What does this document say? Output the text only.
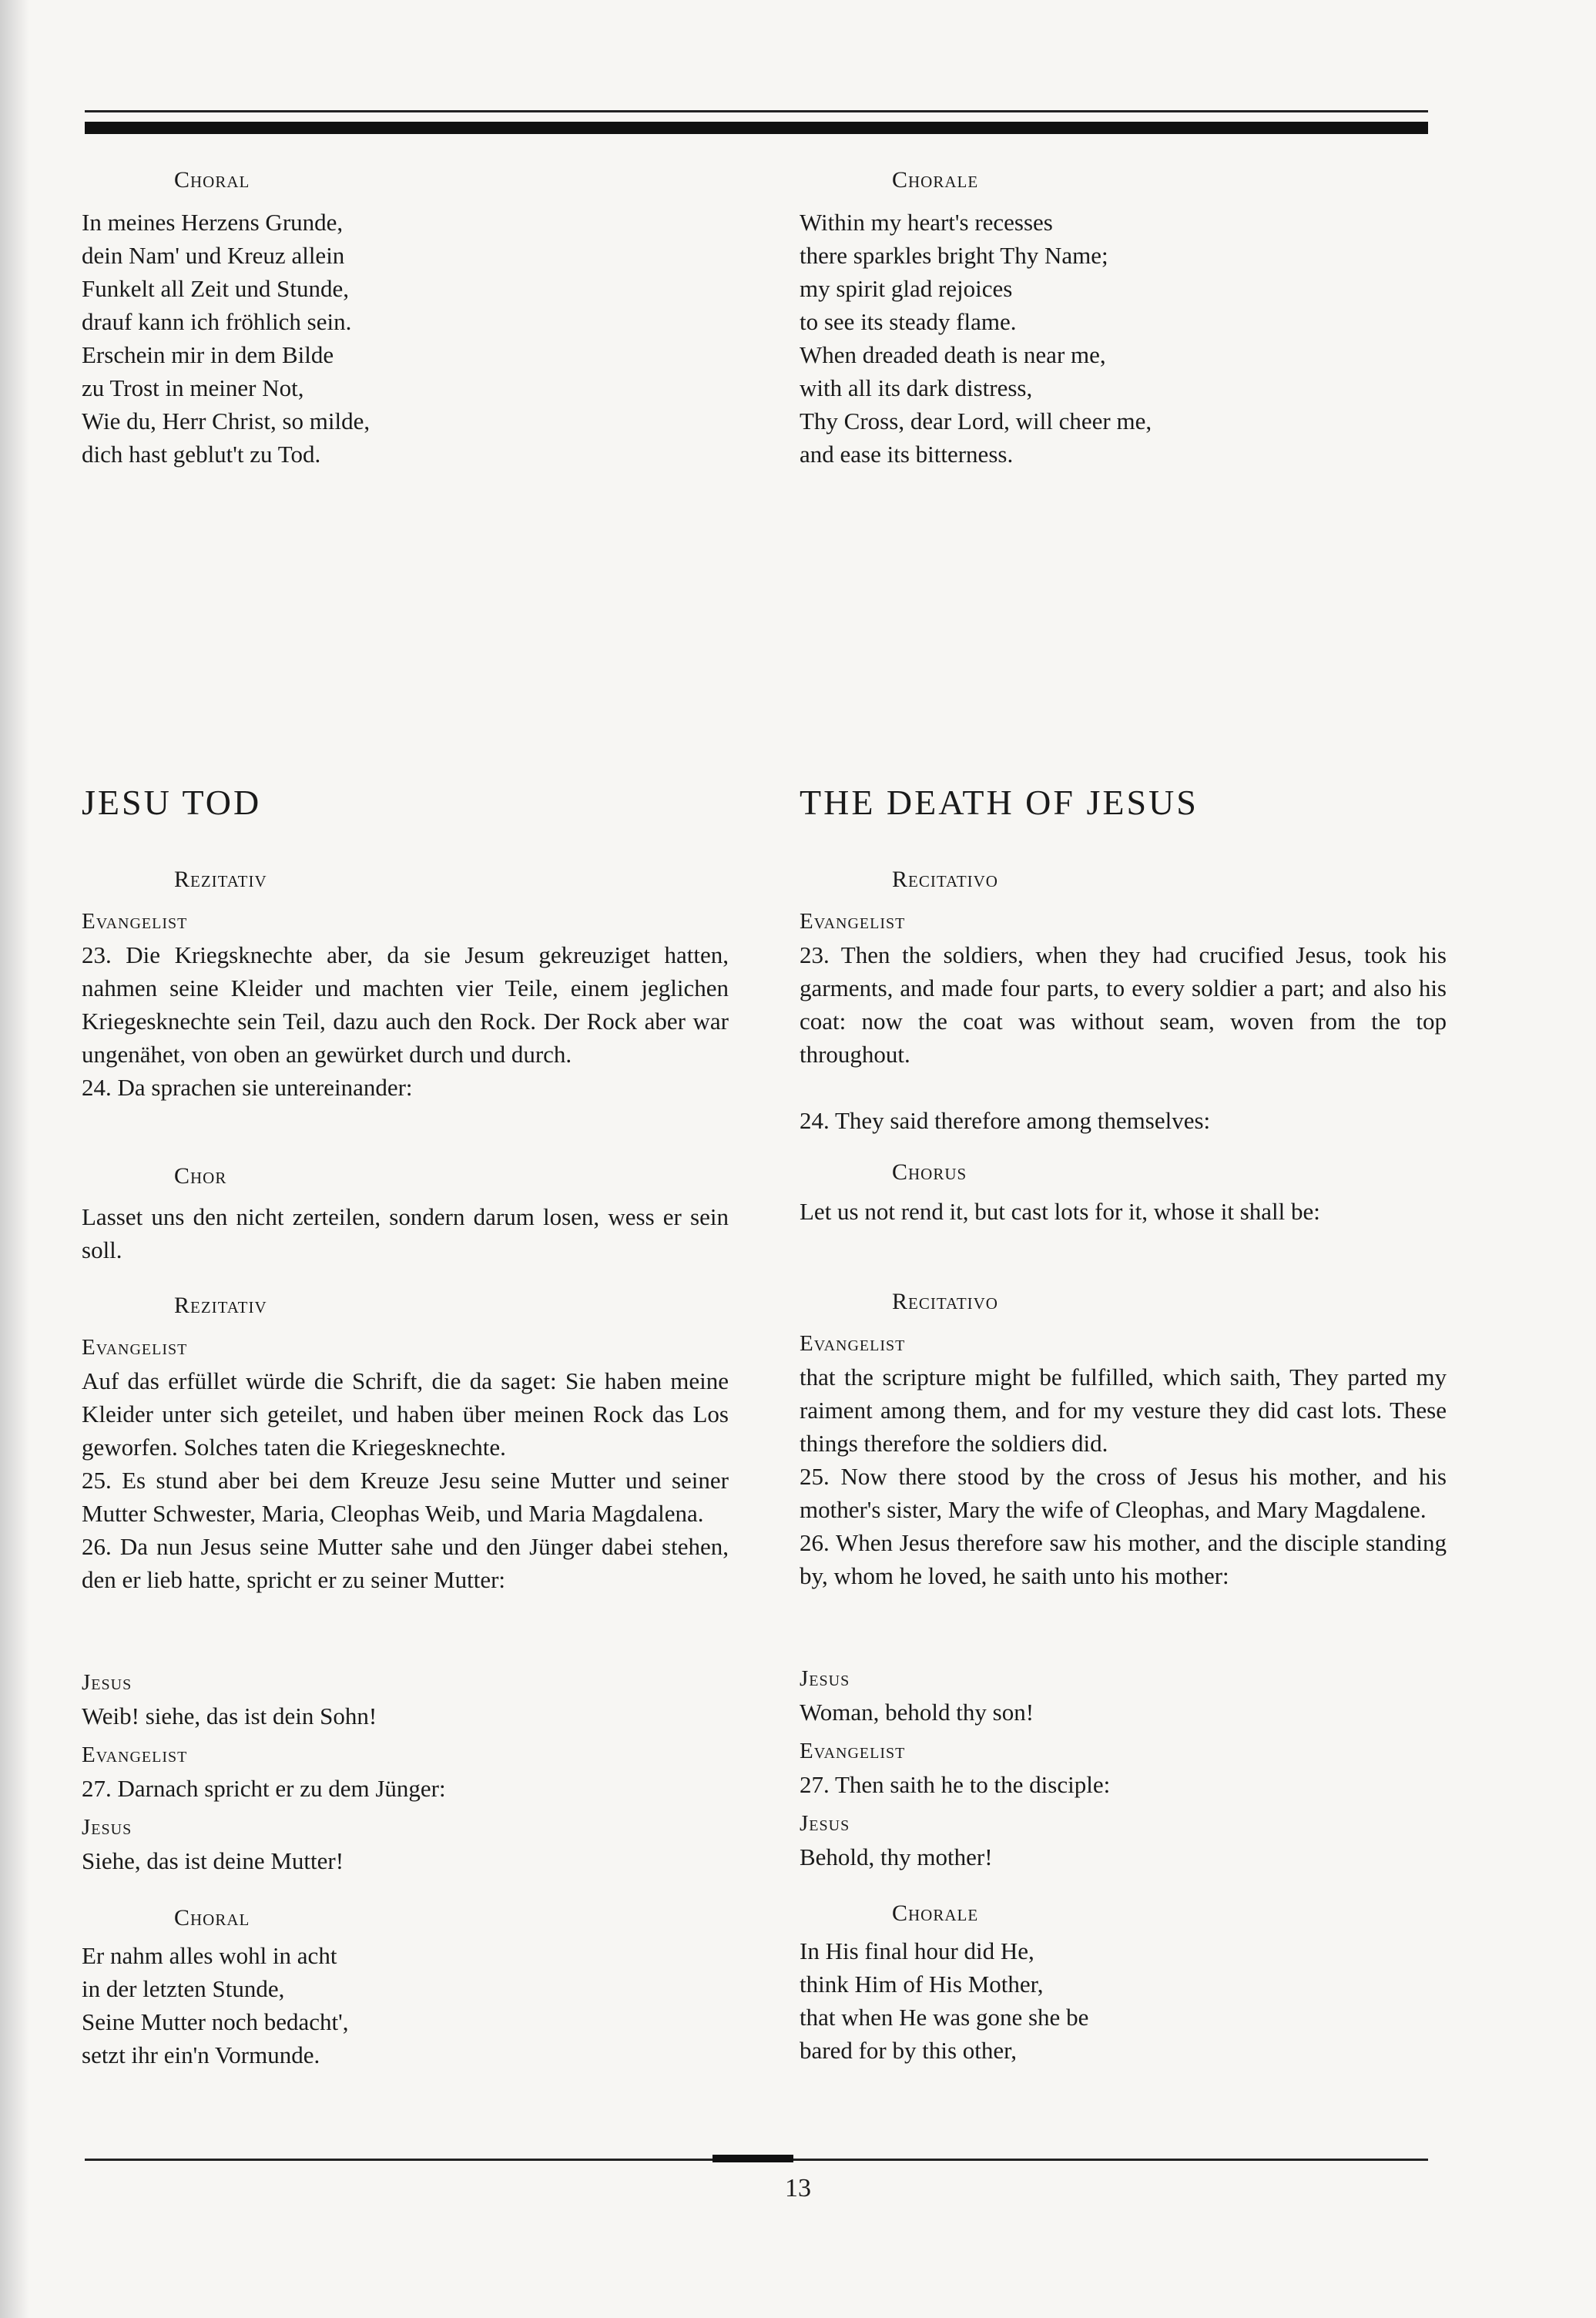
Choral
In meines Herzens Grunde,
dein Nam' und Kreuz allein
Funkelt all Zeit und Stunde,
drauf kann ich fröhlich sein.
Erschein mir in dem Bilde
zu Trost in meiner Not,
Wie du, Herr Christ, so milde,
dich hast geblut't zu Tod.
JESU TOD
Rezitativ
Evangelist
23. Die Kriegsknechte aber, da sie Jesum gekreuziget hatten, nahmen seine Kleider und machten vier Teile, einem jeglichen Kriegesknechte sein Teil, dazu auch den Rock. Der Rock aber war ungenähet, von oben an gewürket durch und durch.
24. Da sprachen sie untereinander:
Chor
Lasset uns den nicht zerteilen, sondern darum losen, wess er sein soll.
Rezitativ
Evangelist
Auf das erfüllet würde die Schrift, die da saget: Sie haben meine Kleider unter sich geteilet, und haben über meinen Rock das Los geworfen. Solches taten die Kriegesknechte.
25. Es stund aber bei dem Kreuze Jesu seine Mutter und seiner Mutter Schwester, Maria, Cleophas Weib, und Maria Magdalena.
26. Da nun Jesus seine Mutter sahe und den Jünger dabei stehen, den er lieb hatte, spricht er zu seiner Mutter:
Jesus
Weib! siehe, das ist dein Sohn!
Evangelist
27. Darnach spricht er zu dem Jünger:
Jesus
Siehe, das ist deine Mutter!
Choral
Er nahm alles wohl in acht
in der letzten Stunde,
Seine Mutter noch bedacht',
setzt ihr ein'n Vormunde.
Chorale
Within my heart's recesses
there sparkles bright Thy Name;
my spirit glad rejoices
to see its steady flame.
When dreaded death is near me,
with all its dark distress,
Thy Cross, dear Lord, will cheer me,
and ease its bitterness.
THE DEATH OF JESUS
Recitativo
Evangelist
23. Then the soldiers, when they had crucified Jesus, took his garments, and made four parts, to every soldier a part; and also his coat: now the coat was without seam, woven from the top throughout.
24. They said therefore among themselves:
Chorus
Let us not rend it, but cast lots for it, whose it shall be:
Recitativo
Evangelist
that the scripture might be fulfilled, which saith, They parted my raiment among them, and for my vesture they did cast lots. These things therefore the soldiers did.
25. Now there stood by the cross of Jesus his mother, and his mother's sister, Mary the wife of Cleophas, and Mary Magdalene.
26. When Jesus therefore saw his mother, and the disciple standing by, whom he loved, he saith unto his mother:
Jesus
Woman, behold thy son!
Evangelist
27. Then saith he to the disciple:
Jesus
Behold, thy mother!
Chorale
In His final hour did He,
think Him of His Mother,
that when He was gone she be
bared for by this other,
13
